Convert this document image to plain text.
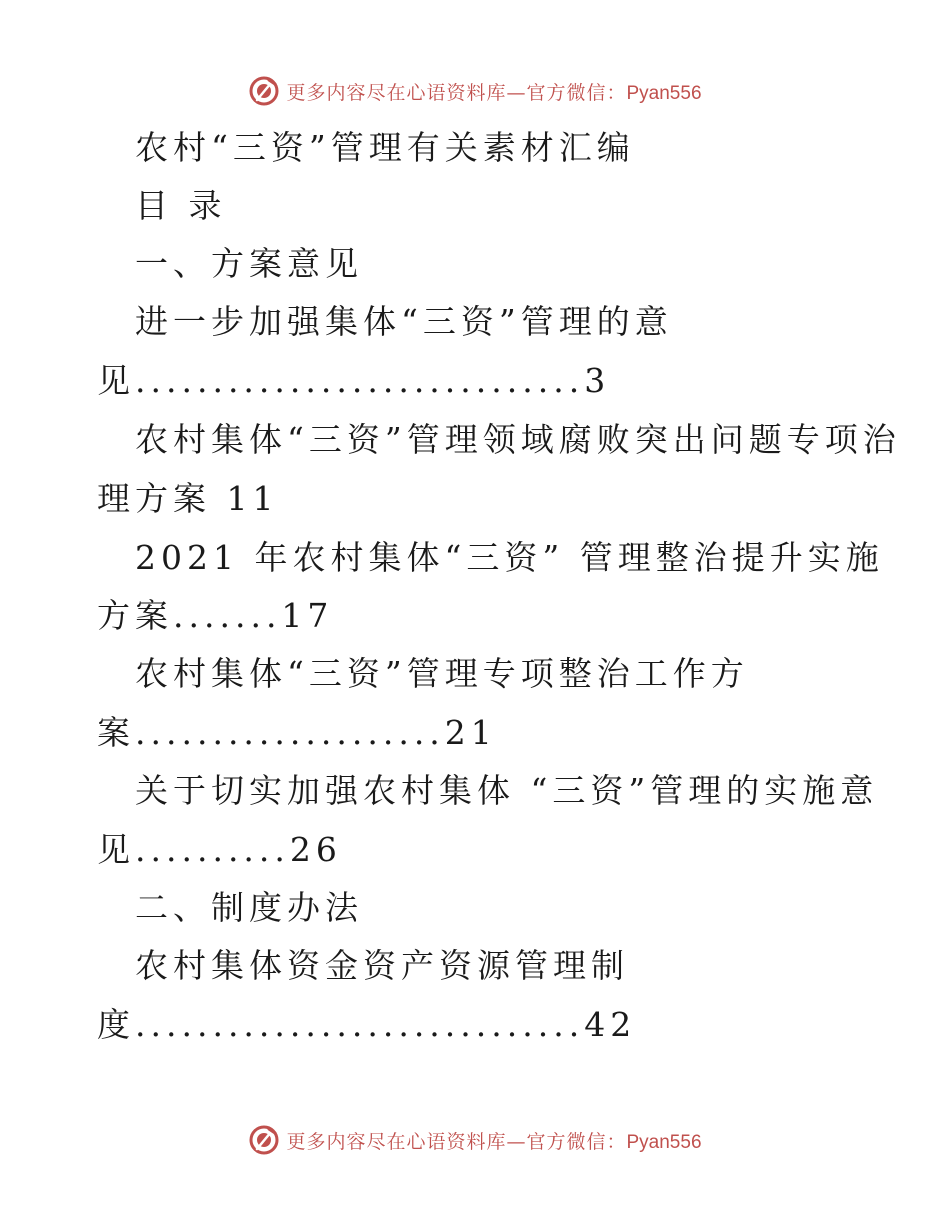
更多内容尽在心语资料库—官方微信：Pyan556
农村“三资”管理有关素材汇编
目 录
一、方案意见
进一步加强集体“三资”管理的意
见.............................3
农村集体“三资”管理领域腐败突出问题专项治
理方案 11
2021 年农村集体“三资” 管理整治提升实施
方案.......17
农村集体“三资”管理专项整治工作方
案....................21
关于切实加强农村集体 “三资”管理的实施意
见..........26
二、制度办法
农村集体资金资产资源管理制
度.............................42
更多内容尽在心语资料库—官方微信：Pyan556
